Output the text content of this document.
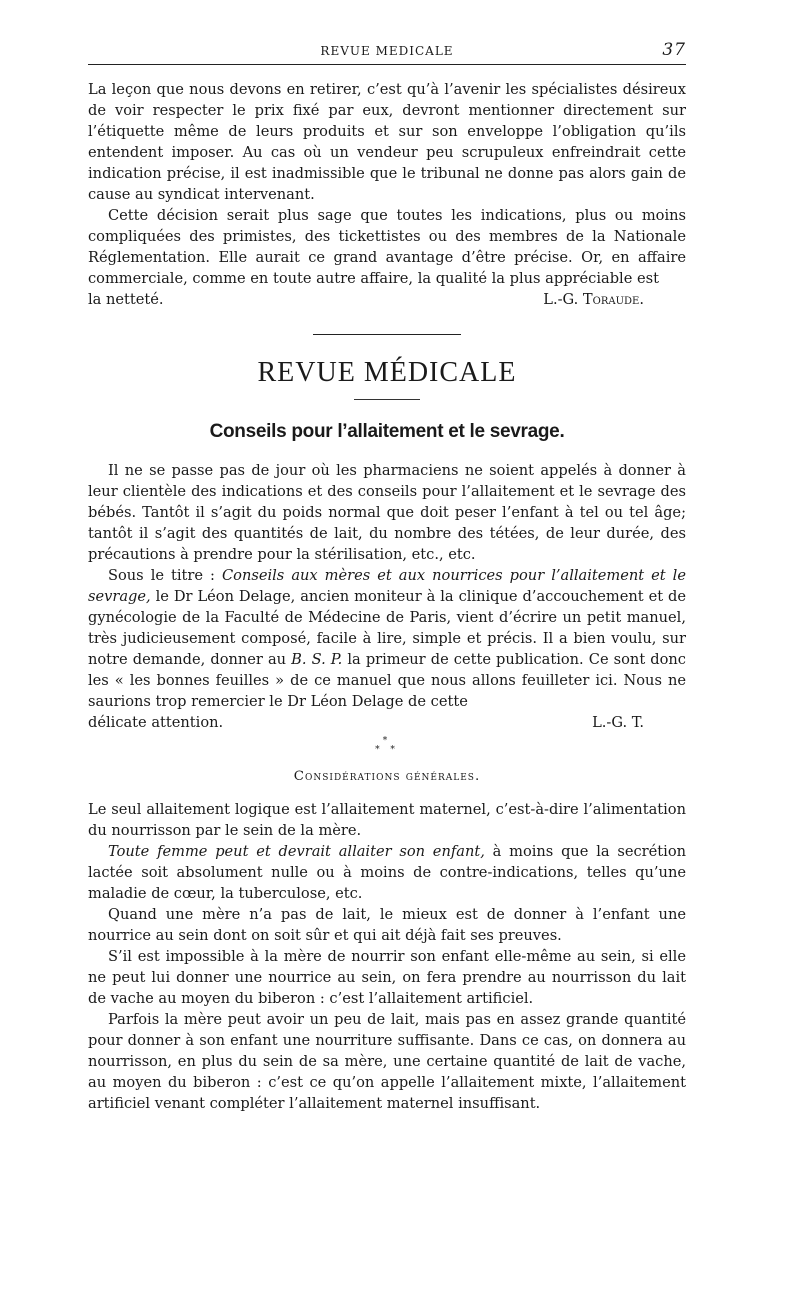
REVUE MEDICALE	37

La leçon que nous devons en retirer, c’est qu’à l’avenir les spécialistes désireux de voir respecter le prix fixé par eux, devront mentionner directement sur l’étiquette même de leurs produits et sur son enveloppe l’obligation qu’ils entendent imposer. Au cas où un vendeur peu scrupuleux enfreindrait cette indication précise, il est inadmissible que le tribunal ne donne pas alors gain de cause au syndicat intervenant.

Cette décision serait plus sage que toutes les indications, plus ou moins compliquées des primistes, des tickettistes ou des membres de la Nationale Réglementation. Elle aurait ce grand avantage d’être précise. Or, en affaire commerciale, comme en toute autre affaire, la qualité la plus appréciable est

la netteté.	L.-G. Toraude.
REVUE MÉDICALE
Conseils pour l’allaitement et le sevrage.

Il ne se passe pas de jour où les pharmaciens ne soient appelés à donner à leur clientèle des indications et des conseils pour l’allaitement et le sevrage des bébés. Tantôt il s’agit du poids normal que doit peser l’enfant à tel ou tel âge; tantôt il s’agit des quantités de lait, du nombre des tétées, de leur durée, des précautions à prendre pour la stérilisation, etc., etc.

Sous le titre : Conseils aux mères et aux nourrices pour l’allaitement et le sevrage, le Dr Léon Delage, ancien moniteur à la clinique d’accouchement et de gynécologie de la Faculté de Médecine de Paris, vient d’écrire un petit manuel, très judicieusement composé, facile à lire, simple et précis. Il a bien voulu, sur notre demande, donner au B. S. P. la primeur de cette publication. Ce sont donc les « les bonnes feuilles » de ce manuel que nous allons feuilleter ici. Nous ne saurions trop remercier le Dr Léon Delage de cette

délicate attention.	L.-G. T.
*
* *
Considérations générales.

Le seul allaitement logique est l’allaitement maternel, c’est-à-dire l’alimentation du nourrisson par le sein de la mère.

Toute femme peut et devrait allaiter son enfant, à moins que la secrétion lactée soit absolument nulle ou à moins de contre-indications, telles qu’une maladie de cœur, la tuberculose, etc.

Quand une mère n’a pas de lait, le mieux est de donner à l’enfant une nourrice au sein dont on soit sûr et qui ait déjà fait ses preuves.

S’il est impossible à la mère de nourrir son enfant elle-même au sein, si elle ne peut lui donner une nourrice au sein, on fera prendre au nourrisson du lait de vache au moyen du biberon : c’est l’allaitement artificiel.

Parfois la mère peut avoir un peu de lait, mais pas en assez grande quantité pour donner à son enfant une nourriture suffisante. Dans ce cas, on donnera au nourrisson, en plus du sein de sa mère, une certaine quantité de lait de vache, au moyen du biberon : c’est ce qu’on appelle l’allaitement mixte, l’allaitement artificiel venant compléter l’allaitement maternel insuffisant.
